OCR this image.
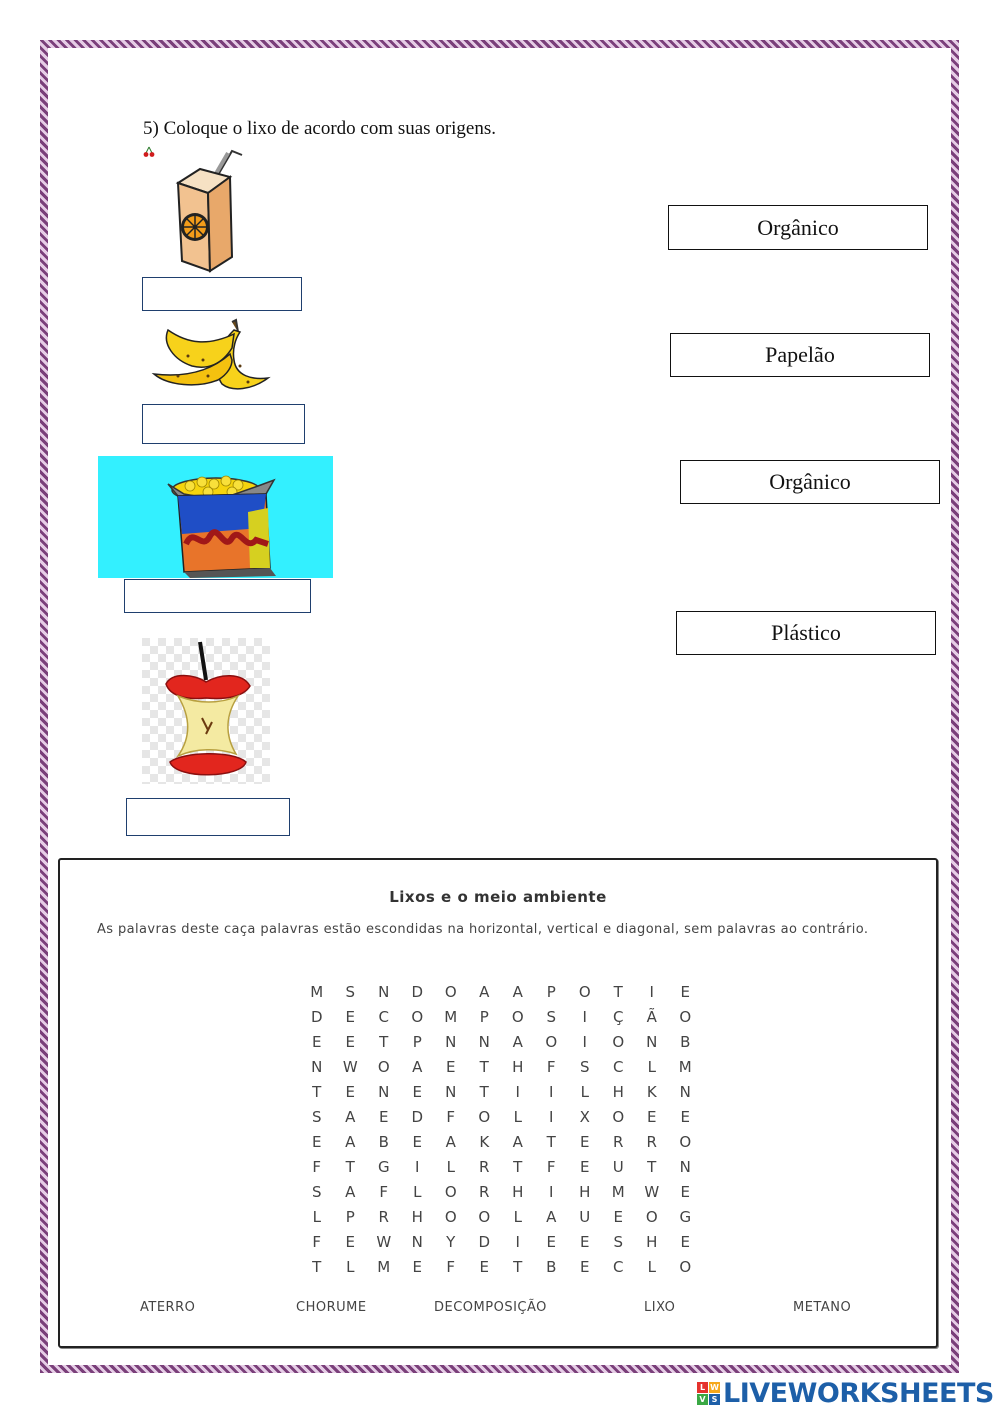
5) Coloque o lixo de acordo com suas origens.
Orgânico
Papelão
Orgânico
Plástico
Lixos e o meio ambiente
As palavras deste caça palavras estão escondidas na horizontal, vertical e diagonal, sem palavras ao contrário.
M	S	N	D	O	A	A	P	O	T	I	E
D	E	C	O	M	P	O	S	I	Ç	Ã	O
E	E	T	P	N	N	A	O	I	O	N	B
N	W	O	A	E	T	H	F	S	C	L	M
T	E	N	E	N	T	I	I	L	H	K	N
S	A	E	D	F	O	L	I	X	O	E	E
E	A	B	E	A	K	A	T	E	R	R	O
F	T	G	I	L	R	T	F	E	U	T	N
S	A	F	L	O	R	H	I	H	M	W	E
L	P	R	H	O	O	L	A	U	E	O	G
F	E	W	N	Y	D	I	E	E	S	H	E
T	L	M	E	F	E	T	B	E	C	L	O
ATERRO	CHORUME	DECOMPOSIÇÃO	LIXO	METANO
L W
V S LIVEWORKSHEETS
